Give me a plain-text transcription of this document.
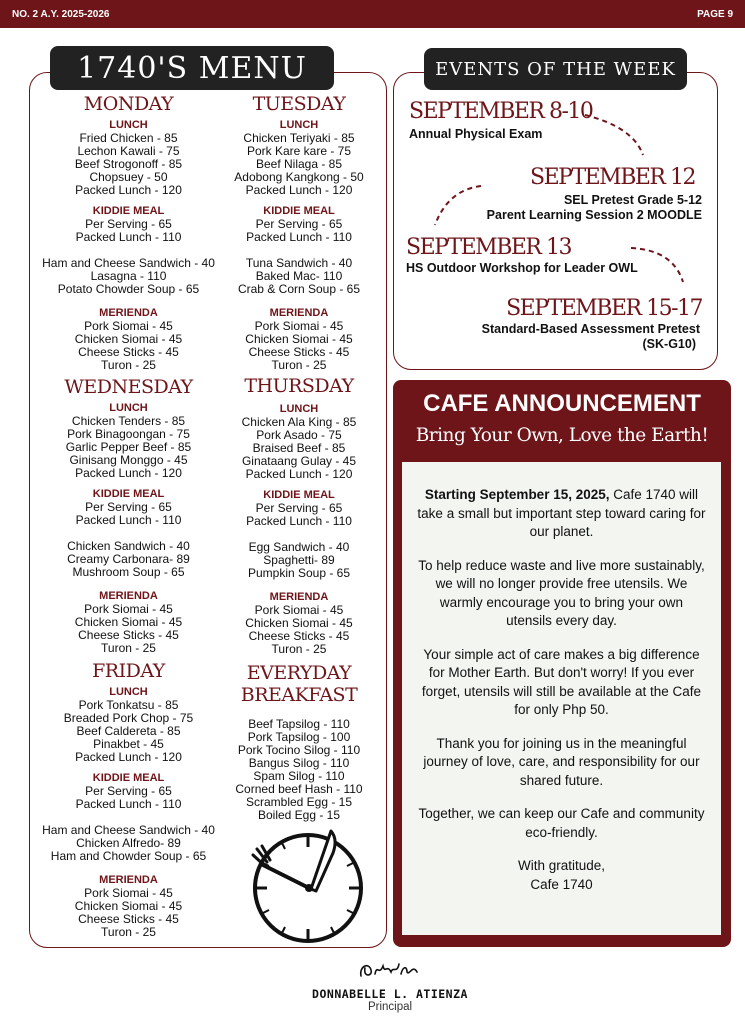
NO. 2 A.Y. 2025-2026	PAGE 9
1740'S MENU
MONDAY
LUNCH
Fried Chicken - 85
Lechon Kawali - 75
Beef Strogonoff - 85
Chopsuey - 50
Packed Lunch - 120
KIDDIE MEAL
Per Serving - 65
Packed Lunch - 110
Ham and Cheese Sandwich - 40
Lasagna - 110
Potato Chowder Soup - 65
MERIENDA
Pork Siomai - 45
Chicken Siomai - 45
Cheese Sticks - 45
Turon - 25
WEDNESDAY
LUNCH
Chicken Tenders - 85
Pork Binagoongan - 75
Garlic Pepper Beef - 85
Ginisang Monggo - 45
Packed Lunch - 120
KIDDIE MEAL
Per Serving - 65
Packed Lunch - 110
Chicken Sandwich - 40
Creamy Carbonara- 89
Mushroom Soup - 65
MERIENDA
Pork Siomai - 45
Chicken Siomai - 45
Cheese Sticks - 45
Turon - 25
FRIDAY
LUNCH
Pork Tonkatsu - 85
Breaded Pork Chop - 75
Beef Caldereta - 85
Pinakbet - 45
Packed Lunch - 120
KIDDIE MEAL
Per Serving - 65
Packed Lunch - 110
Ham and Cheese Sandwich - 40
Chicken Alfredo- 89
Ham and Chowder Soup - 65
MERIENDA
Pork Siomai - 45
Chicken Siomai - 45
Cheese Sticks - 45
Turon - 25
TUESDAY
LUNCH
Chicken Teriyaki - 85
Pork Kare kare - 75
Beef Nilaga - 85
Adobong Kangkong - 50
Packed Lunch - 120
KIDDIE MEAL
Per Serving - 65
Packed Lunch - 110
Tuna Sandwich - 40
Baked Mac- 110
Crab & Corn Soup - 65
MERIENDA
Pork Siomai - 45
Chicken Siomai - 45
Cheese Sticks - 45
Turon - 25
THURSDAY
LUNCH
Chicken Ala King - 85
Pork Asado - 75
Braised Beef - 85
Ginataang Gulay - 45
Packed Lunch - 120
KIDDIE MEAL
Per Serving - 65
Packed Lunch - 110
Egg Sandwich - 40
Spaghetti- 89
Pumpkin Soup - 65
MERIENDA
Pork Siomai - 45
Chicken Siomai - 45
Cheese Sticks - 45
Turon - 25
EVERYDAY
BREAKFAST
Beef Tapsilog - 110
Pork Tapsilog - 100
Pork Tocino Silog - 110
Bangus Silog - 110
Spam Silog - 110
Corned beef Hash - 110
Scrambled Egg - 15
Boiled Egg - 15
EVENTS OF THE WEEK
SEPTEMBER 8-10
Annual Physical Exam
SEPTEMBER 12
SEL Pretest Grade 5-12
Parent Learning Session 2 MOODLE
SEPTEMBER 13
HS Outdoor Workshop for Leader OWL
SEPTEMBER 15-17
Standard-Based Assessment Pretest
(SK-G10)
CAFE ANNOUNCEMENT
Bring Your Own, Love the Earth!

Starting September 15, 2025, Cafe 1740 will take a small but important step toward caring for our planet.

To help reduce waste and live more sustainably, we will no longer provide free utensils. We warmly encourage you to bring your own utensils every day.

Your simple act of care makes a big difference for Mother Earth. But don't worry! If you ever forget, utensils will still be available at the Cafe for only Php 50.

Thank you for joining us in the meaningful journey of love, care, and responsibility for our shared future.

Together, we can keep our Cafe and community eco-friendly.

With gratitude,
Cafe 1740
DONNABELLE L. ATIENZA
Principal
